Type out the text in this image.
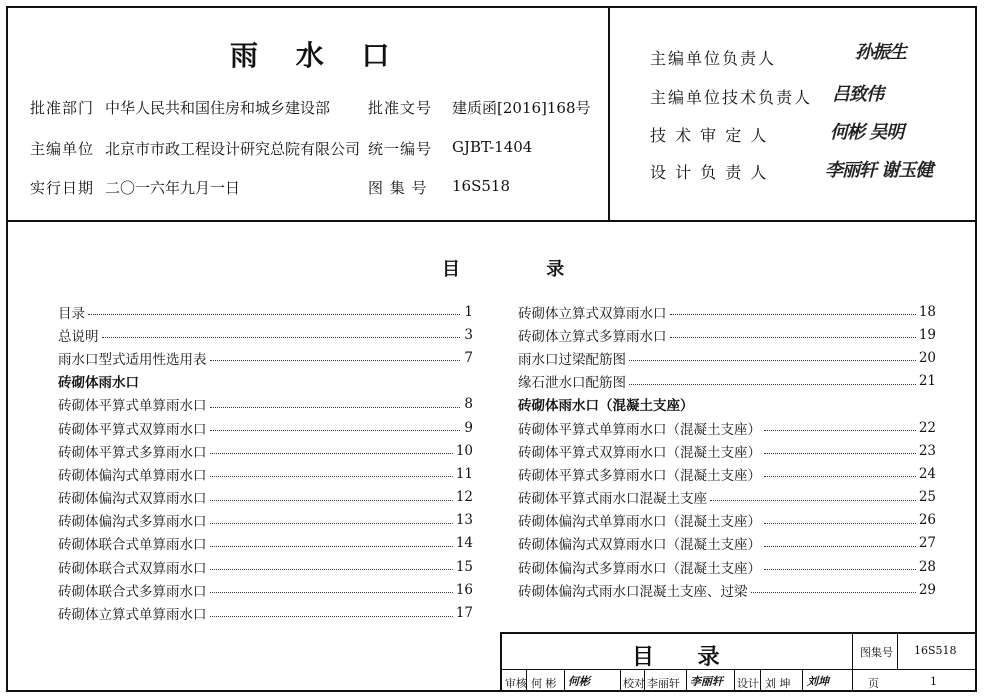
雨 水 口
批准部门 中华人民共和国住房和城乡建设部	批准文号 建质函[2016]168号
主编单位 北京市市政工程设计研究总院有限公司 统一编号 GJBT-1404
实行日期 二〇一六年九月一日	图 集 号 16S518
主编单位负责人	孙振生
主编单位技术负责人 吕致伟
技 术 审 定 人	何彬 吴明
设 计 负 责 人	李丽轩 谢玉健
目 录
目录	1
总说明	3
雨水口型式适用性选用表	7
砖砌体雨水口
砖砌体平算式单算雨水口	8
砖砌体平算式双算雨水口	9
砖砌体平算式多算雨水口	10
砖砌体偏沟式单算雨水口	11
砖砌体偏沟式双算雨水口	12
砖砌体偏沟式多算雨水口	13
砖砌体联合式单算雨水口	14
砖砌体联合式双算雨水口	15
砖砌体联合式多算雨水口	16
砖砌体立算式单算雨水口	17
砖砌体立算式双算雨水口	18
砖砌体立算式多算雨水口	19
雨水口过梁配筋图	20
缘石泄水口配筋图	21
砖砌体雨水口（混凝土支座）
砖砌体平算式单算雨水口（混凝土支座）	22
砖砌体平算式双算雨水口（混凝土支座）	23
砖砌体平算式多算雨水口（混凝土支座）	24
砖砌体平算式雨水口混凝土支座	25
砖砌体偏沟式单算雨水口（混凝土支座）	26
砖砌体偏沟式双算雨水口（混凝土支座）	27
砖砌体偏沟式多算雨水口（混凝土支座）	28
砖砌体偏沟式雨水口混凝土支座、过梁	29
目 录	图集号 16S518
审核 何 彬 何彬	校对 李丽轩 李丽轩 设计 刘 坤 刘坤	页	1
